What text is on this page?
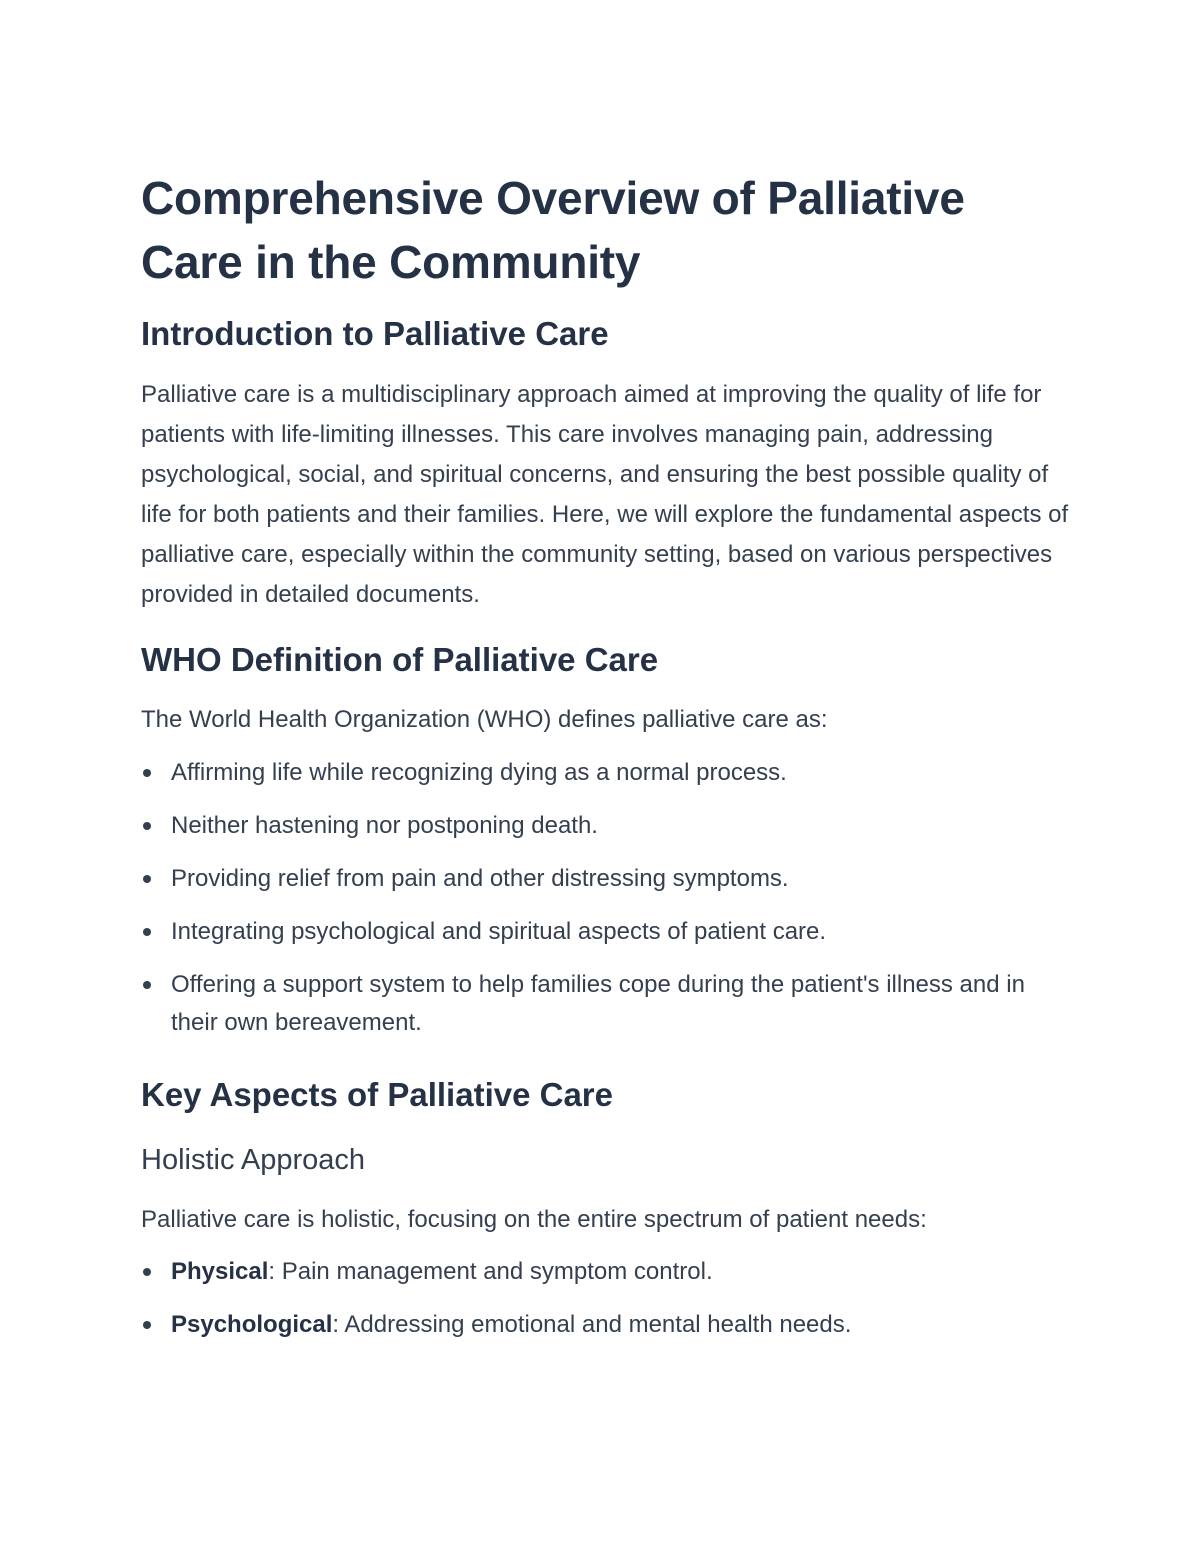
Comprehensive Overview of Palliative Care in the Community
Introduction to Palliative Care

Palliative care is a multidisciplinary approach aimed at improving the quality of life for patients with life-limiting illnesses. This care involves managing pain, addressing psychological, social, and spiritual concerns, and ensuring the best possible quality of life for both patients and their families. Here, we will explore the fundamental aspects of palliative care, especially within the community setting, based on various perspectives provided in detailed documents.

WHO Definition of Palliative Care

The World Health Organization (WHO) defines palliative care as:

Affirming life while recognizing dying as a normal process.
Neither hastening nor postponing death.
Providing relief from pain and other distressing symptoms.
Integrating psychological and spiritual aspects of patient care.
Offering a support system to help families cope during the patient's illness and in their own bereavement.
Key Aspects of Palliative Care
Holistic Approach

Palliative care is holistic, focusing on the entire spectrum of patient needs:

Physical: Pain management and symptom control.
Psychological: Addressing emotional and mental health needs.
